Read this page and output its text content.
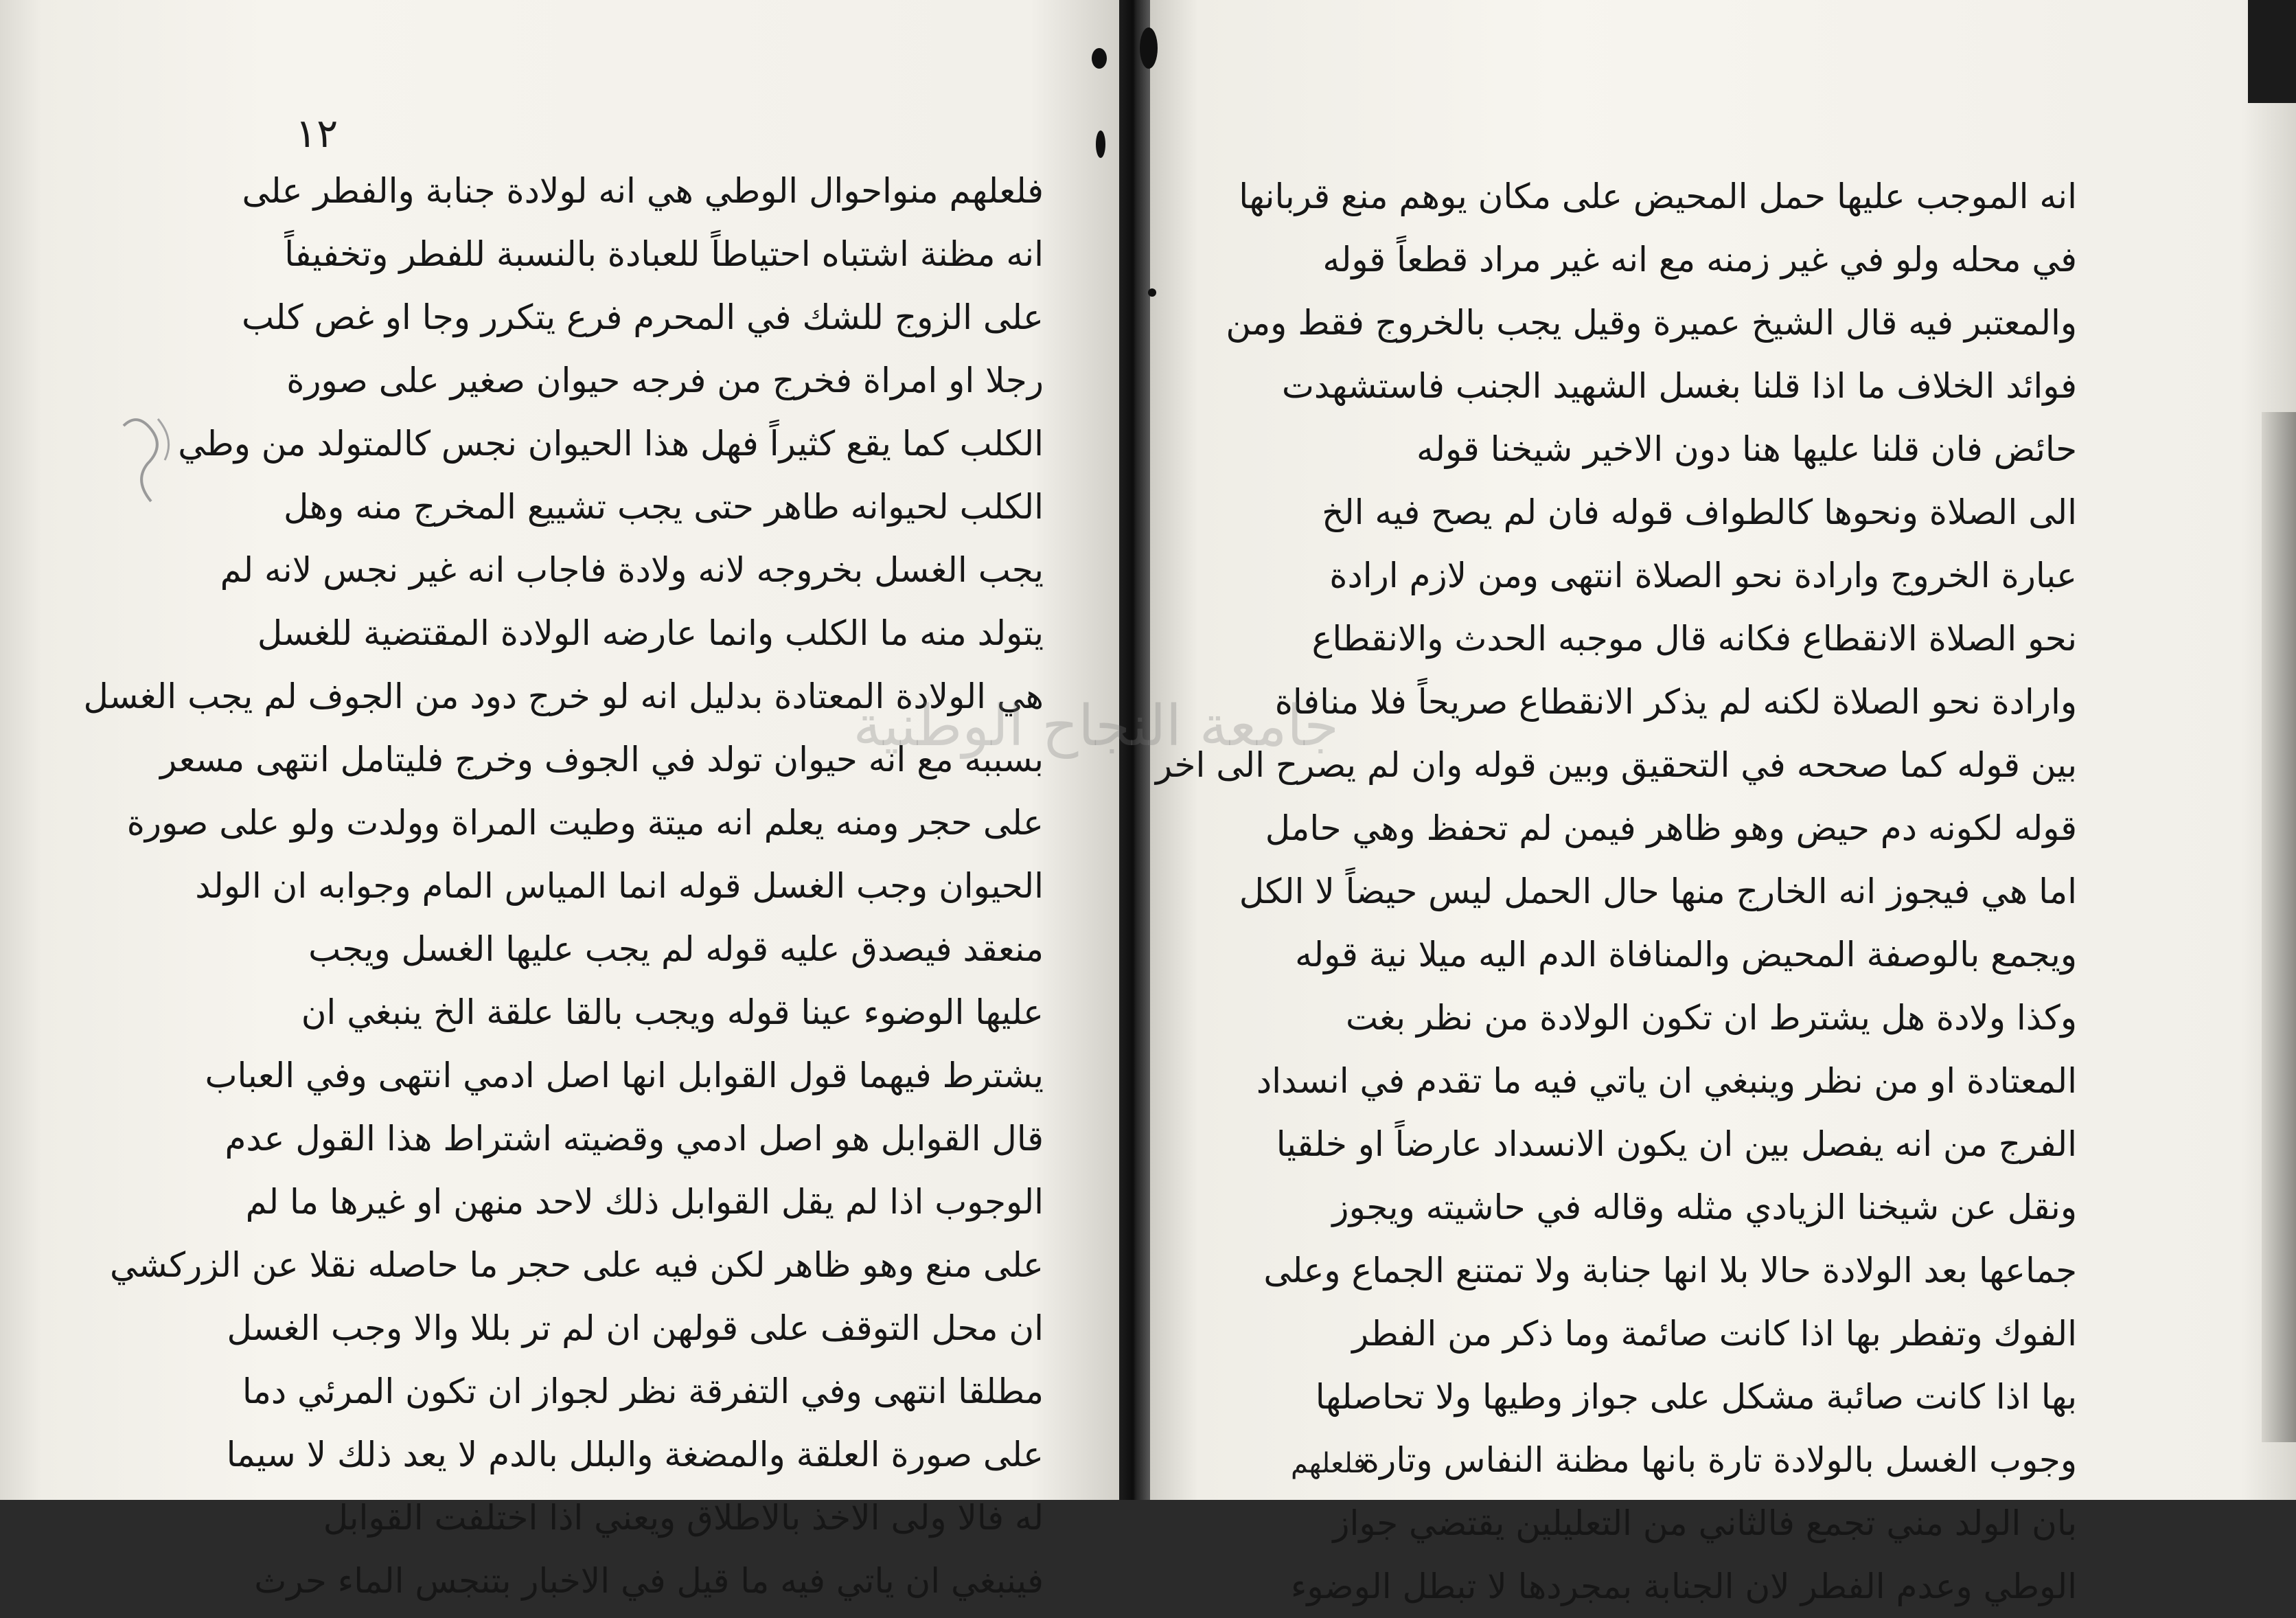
١٢
فلعلهم منواحوال الوطي هي انه لولادة جنابة والفطر على
انه مظنة اشتباه احتياطاً للعبادة بالنسبة للفطر وتخفيفاً
على الزوج للشك في المحرم فرع يتكرر وجا او غص كلب
رجلا او امراة فخرج من فرجه حيوان صغير على صورة
الكلب كما يقع كثيراً فهل هذا الحيوان نجس كالمتولد من وطي
الكلب لحيوانه طاهر حتى يجب تشييع المخرج منه وهل
يجب الغسل بخروجه لانه ولادة فاجاب انه غير نجس لانه لم
يتولد منه ما الكلب وانما عارضه الولادة المقتضية للغسل
هي الولادة المعتادة بدليل انه لو خرج دود من الجوف لم يجب الغسل
بسببه مع انه حيوان تولد في الجوف وخرج فليتامل انتهى مسعر
على حجر ومنه يعلم انه ميتة وطيت المراة وولدت ولو على صورة
الحيوان وجب الغسل قوله انما المياس المام وجوابه ان الولد
منعقد فيصدق عليه قوله لم يجب عليها الغسل ويجب
عليها الوضوء عينا قوله ويجب بالقا علقة الخ ينبغي ان
يشترط فيهما قول القوابل انها اصل ادمي انتهى وفي العباب
قال القوابل هو اصل ادمي وقضيته اشتراط هذا القول عدم
الوجوب اذا لم يقل القوابل ذلك لاحد منهن او غيرها ما لم
على منع وهو ظاهر لكن فيه على حجر ما حاصله نقلا عن الزركشي
ان محل التوقف على قولهن ان لم تر بللا والا وجب الغسل
مطلقا انتهى وفي التفرقة نظر لجواز ان تكون المرئي دما
على صورة العلقة والمضغة والبلل بالدم لا يعد ذلك لا سيما
له فالا ولى الاخذ بالاطلاق ويعني اذا اختلفت القوابل
فينبغي ان ياتي فيه ما قيل في الاخبار بتنجس الماء حرث
انه الموجب عليها حمل المحيض على مكان يوهم منع قربانها
في محله ولو في غير زمنه مع انه غير مراد قطعاً قوله
والمعتبر فيه قال الشيخ عميرة وقيل يجب بالخروج فقط ومن
فوائد الخلاف ما اذا قلنا بغسل الشهيد الجنب فاستشهدت
حائض فان قلنا عليها هنا دون الاخير شيخنا قوله
الى الصلاة ونحوها كالطواف قوله فان لم يصح فيه الخ
عبارة الخروج وارادة نحو الصلاة انتهى ومن لازم ارادة
نحو الصلاة الانقطاع فكانه قال موجبه الحدث والانقطاع
وارادة نحو الصلاة لكنه لم يذكر الانقطاع صريحاً فلا منافاة
بين قوله كما صححه في التحقيق وبين قوله وان لم يصرح الى اخر
قوله لكونه دم حيض وهو ظاهر فيمن لم تحفظ وهي حامل
اما هي فيجوز انه الخارج منها حال الحمل ليس حيضاً لا الكل
ويجمع بالوصفة المحيض والمنافاة الدم اليه ميلا نية قوله
وكذا ولادة هل يشترط ان تكون الولادة من نظر بغت
المعتادة او من نظر وينبغي ان ياتي فيه ما تقدم في انسداد
الفرج من انه يفصل بين ان يكون الانسداد عارضاً او خلقيا
ونقل عن شيخنا الزيادي مثله وقاله في حاشيته ويجوز
جماعها بعد الولادة حالا بلا انها جنابة ولا تمتنع الجماع وعلى
الفوك وتفطر بها اذا كانت صائمة وما ذكر من الفطر
بها اذا كانت صائبة مشكل على جواز وطيها ولا تحاصلها
وجوب الغسل بالولادة تارة بانها مظنة النفاس وتارة
بان الولد مني تجمع فالثاني من التعليلين يقتضي جواز
الوطي وعدم الفطر لان الجنابة بمجردها لا تبطل الوضوء
فلعلهم
جامعة النجاح الوطنية
